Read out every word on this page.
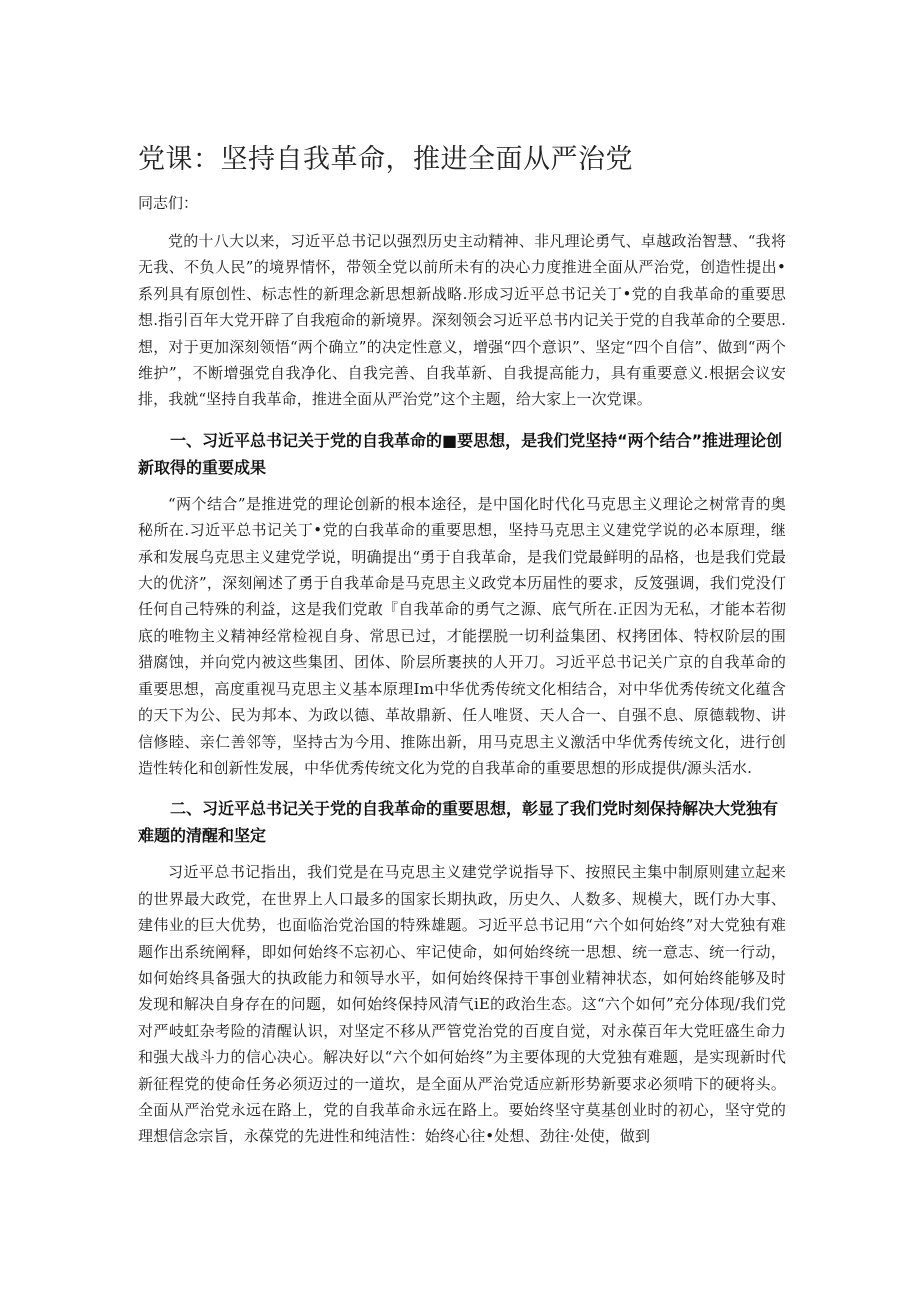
党课：坚持自我革命，推进全面从严治党

同志们：

党的十八大以来，习近平总书记以强烈历史主动精神、非凡理论勇气、卓越政治智慧、“我将无我、不负人民”的境界情怀，带领全党以前所未有的决心力度推进全面从严治党，创造性提出•系列具有原创性、标志性的新理念新思想新战略.形成习近平总书记关丁•党的自我革命的重要思想.指引百年大党开辟了自我疱命的新境界。深刻领会习近平总书内记关于党的自我革命的仝要思.想，对于更加深刻领悟“两个确立”的决定性意义，增强“四个意识”、坚定“四个自信”、做到“两个维护”，不断增强党自我净化、自我完善、自我革新、自我提高能力，具有重要意义.根据会议安排，我就“坚持自我革命，推进全面从严治党”这个主题，给大家上一次党课。

一、习近平总书记关于党的自我革命的■要思想，是我们党坚持“两个结合”推进理论创新取得的重要成果

“两个结合”是推进党的理论创新的根本途径，是中国化时代化马克思主义理论之树常青的奥秘所在.习近平总书记关丁•党的白我革命的重要思想，坚持马克思主义建党学说的必本原理，继承和发展乌克思主义建党学说，明确提出“勇于自我革命，是我们党最鲜明的品格，也是我们党最大的优济”，深刻阐述了勇于自我革命是马克思主义政党本历届性的要求，反笈强调，我们党没仃任何自己特殊的利益，这是我们党敢『自我革命的勇气之源、底气所在.正因为无私，才能本若彻底的唯物主义精神经常检视自身、常思已过，才能摆脱一切利益集团、权拷团体、特权阶层的围猎腐蚀，并向党内被这些集团、团体、阶层所裹挟的人开刀。习近平总书记关广京的自我革命的重要思想，高度重视马克思主义基本原理Im中华优秀传统文化相结合，对中华优秀传统文化蕴含的天下为公、民为邦本、为政以德、革故鼎新、任人唯贤、天人合一、自强不息、原德载物、讲信修睦、亲仁善邻等，坚持古为今用、推陈出新，用马克思主义激活中华优秀传统文化，进行创造性转化和创新性发展，中华优秀传统文化为党的自我革命的重要思想的形成提供/源头活水.

二、习近平总书记关于党的自我革命的重要思想，彰显了我们党时刻保持解决大党独有难题的清醒和坚定

习近平总书记指出，我们党是在马克思主义建党学说指导下、按照民主集中制原则建立起来的世界最大政党，在世界上人口最多的国家长期执政，历史久、人数多、规模大，既仃办大事、建伟业的巨大优势，也面临治党治国的特殊雄题。习近平总书记用“六个如何始终”对大党独有难题作出系统阐释，即如何始终不忘初心、牢记使命，如何始终统一思想、统一意志、统一行动，如何始终具备强大的执政能力和领导水平，如何始终保持干事创业精神状态，如何始终能够及时发现和解决自身存在的问题，如何始终保持风清气iE的政治生态。这“六个如何”充分体现/我们党对严岐虹杂考险的清醒认识，对坚定不移从严管党治党的百度自觉，对永葆百年大党旺盛生命力和强大战斗力的信心决心。解决好以“六个如何始终”为主要体现的大党独有难题，是实现新时代新征程党的使命任务必须迈过的一道坎，是全面从严治党适应新形势新要求必须啃下的硬将头。全面从严治党永远在路上，党的自我革命永远在路上。要始终坚守莫基创业时的初心，坚守党的理想信念宗旨，永葆党的先进性和纯洁性：始终心往•处想、劲往·处使，做到
